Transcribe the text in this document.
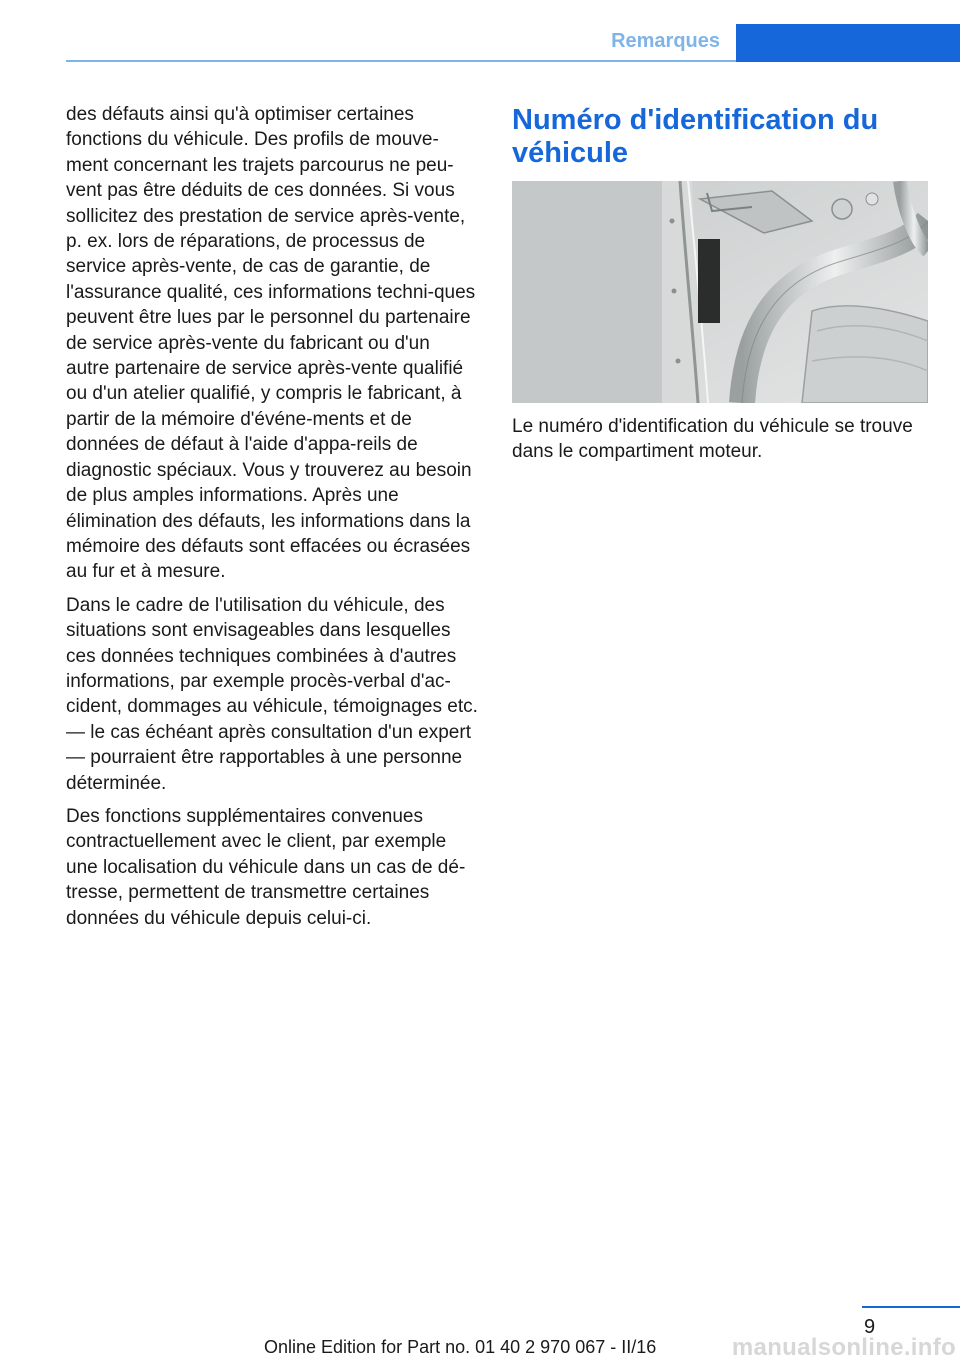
Remarques

des défauts ainsi qu'à optimiser certaines fonctions du véhicule. Des profils de mouve-ment concernant les trajets parcourus ne peu-vent pas être déduits de ces données. Si vous sollicitez des prestation de service après-vente, p. ex. lors de réparations, de processus de service après-vente, de cas de garantie, de l'assurance qualité, ces informations techni-ques peuvent être lues par le personnel du partenaire de service après-vente du fabricant ou d'un autre partenaire de service après-vente qualifié ou d'un atelier qualifié, y compris le fabricant, à partir de la mémoire d'événe-ments et de données de défaut à l'aide d'appa-reils de diagnostic spéciaux. Vous y trouverez au besoin de plus amples informations. Après une élimination des défauts, les informations dans la mémoire des défauts sont effacées ou écrasées au fur et à mesure.

Dans le cadre de l'utilisation du véhicule, des situations sont envisageables dans lesquelles ces données techniques combinées à d'autres informations, par exemple procès-verbal d'ac-cident, dommages au véhicule, témoignages etc. — le cas échéant après consultation d'un expert — pourraient être rapportables à une personne déterminée.

Des fonctions supplémentaires convenues contractuellement avec le client, par exemple une localisation du véhicule dans un cas de dé-tresse, permettent de transmettre certaines données du véhicule depuis celui-ci.

Numéro d'identification du véhicule

Le numéro d'identification du véhicule se trouve dans le compartiment moteur.

9
Online Edition for Part no. 01 40 2 970 067 - II/16	manualsonline.info
